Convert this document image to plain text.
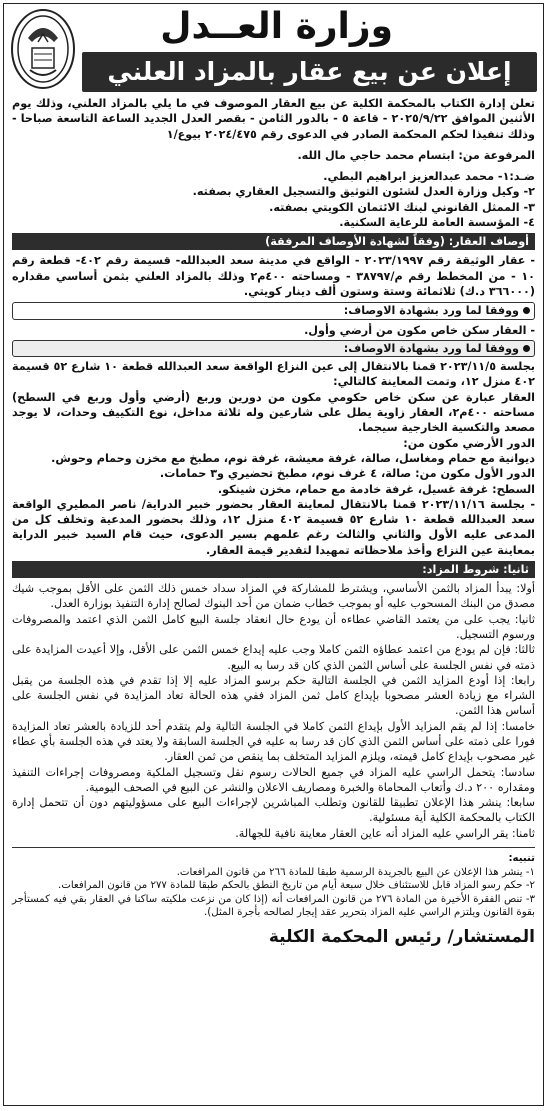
وزارة العــدل
إعلان عن بيع عقار بالمزاد العلني

تعلن إدارة الكتاب بالمحكمة الكلية عن بيع العقار الموصوف في ما يلي بالمزاد العلني، وذلك يوم الأثنين الموافق ٢٠٢٥/٩/٢٢ - قاعة ٥ - بالدور الثامن - بقصر العدل الجديد الساعة التاسعة صباحا - وذلك تنفيذا لحكم المحكمة الصادر في الدعوى رقم ٢٠٢٤/٤٧٥ بيوع/١

المرفوعة من: ابتسام محمد حاجي مال الله.

ضـد:١- محمد عبدالعزيز ابراهيم البطي.

٢- وكيل وزارة العدل لشئون التوثيق والتسجيل العقاري بصفته.

٣- الممثل القانوني لبنك الائتمان الكويتي بصفته.

٤- المؤسسة العامة للرعاية السكنية.

أوصاف العقار: (وفقاً لشهادة الأوصاف المرفقة)

- عقار الوثيقة رقم ٢٠٢٣/١٩٩٧ - الواقع في مدينة سعد العبدالله- قسيمة رقم ٤٠٢- قطعة رقم ١٠ - من المخطط رقم م/٣٨٧٩٧ - ومساحته ٤٠٠م٢ وذلك بالمزاد العلني بثمن أساسي مقداره (٣٦٦٠٠٠ د.ك) ثلاثمائة وستة وستون ألف دينار كويتي.

ووفقا لما ورد بشهادة الاوصاف:

- العقار سكن خاص مكون من أرضي وأول.

ووفقا لما ورد بشهادة الاوصاف:

بجلسة ٢٠٢٣/١١/٥ قمنا بالانتقال إلى عين النزاع الواقعة سعد العبدالله قطعة ١٠ شارع ٥٢ قسيمة ٤٠٢ منزل ١٢، وتمت المعاينة كالتالي:

العقار عبارة عن سكن خاص حكومي مكون من دورين وربع (أرضي وأول وربع في السطح) مساحته ٤٠٠م٢، العقار زاوية يطل على شارعين وله ثلاثة مداخل، نوع التكييف وحدات، لا يوجد مصعد والتكسية الخارجية سيجما.

الدور الأرضي مكون من:

ديوانية مع حمام ومغاسل، صالة، غرفة معيشة، غرفة نوم، مطبخ مع مخزن وحمام وحوش.

الدور الأول مكون من: صالة، ٤ غرف نوم، مطبخ تحضيري و٣ حمامات.

السطح: غرفة غسيل، غرفة خادمة مع حمام، مخزن شينكو.

- بجلسة ٢٠٢٣/١١/١٦ قمنا بالانتقال لمعاينة العقار بحضور خبير الدراية/ ناصر المطيري الواقعة سعد العبدالله قطعة ١٠ شارع ٥٢ قسيمة ٤٠٢ منزل ١٢، وذلك بحضور المدعية وتخلف كل من المدعى عليه الأول والثاني والثالث رغم علمهم بسير الدعوى، حيث قام السيد خبير الدراية بمعاينة عين النزاع وأخذ ملاحظاته تمهيدا لتقدير قيمة العقار.

ثانيا: شروط المزاد:

أولا: يبدأ المزاد بالثمن الأساسي، ويشترط للمشاركة في المزاد سداد خمس ذلك الثمن على الأقل بموجب شيك مصدق من البنك المسحوب عليه أو بموجب خطاب ضمان من أحد البنوك لصالح إدارة التنفيذ بوزارة العدل.

ثانيا: يجب على من يعتمد القاضي عطاءه أن يودع حال انعقاد جلسة البيع كامل الثمن الذي اعتمد والمصروفات ورسوم التسجيل.

ثالثا: فإن لم يودع من اعتمد عطاؤه الثمن كاملا وجب عليه إيداع خمس الثمن على الأقل، وإلا أعيدت المزايدة على ذمته في نفس الجلسة على أساس الثمن الذي كان قد رسا به البيع.

رابعا: إذا أودع المزايد الثمن في الجلسة التالية حكم برسو المزاد عليه إلا إذا تقدم في هذه الجلسة من يقبل الشراء مع زيادة العشر مصحوبا بإيداع كامل ثمن المزاد ففي هذه الحالة تعاد المزايدة في نفس الجلسة على أساس هذا الثمن.

خامسا: إذا لم يقم المزايد الأول بإيداع الثمن كاملا في الجلسة التالية ولم يتقدم أحد للزيادة بالعشر تعاد المزايدة فورا على ذمته على أساس الثمن الذي كان قد رسا به عليه في الجلسة السابقة ولا يعتد في هذه الجلسة بأي عطاء غير مصحوب بإيداع كامل قيمته، ويلزم المزايد المتخلف بما ينقص من ثمن العقار.

سادسا: يتحمل الراسي عليه المزاد في جميع الحالات رسوم نقل وتسجيل الملكية ومصروفات إجراءات التنفيذ ومقداره ٢٠٠ د.ك وأتعاب المحاماة والخبرة ومصاريف الاعلان والنشر عن البيع في الصحف اليومية.

سابعا: ينشر هذا الإعلان تطبيقا للقانون وتطلب المباشرين لإجراءات البيع على مسؤوليتهم دون أن تتحمل إدارة الكتاب بالمحكمة الكلية أية مسئولية.

ثامنا: يقر الراسي عليه المزاد أنه عاين العقار معاينة نافية للجهالة.

تنبيه:

١- ينشر هذا الإعلان عن البيع بالجريدة الرسمية طبقا للمادة ٢٦٦ من قانون المرافعات.

٢- حكم رسو المزاد قابل للاستئناف خلال سبعة أيام من تاريخ النطق بالحكم طبقا للمادة ٢٧٧ من قانون المرافعات.

٣- تنص الفقرة الأخيرة من المادة ٢٧٦ من قانون المرافعات أنه (إذا كان من نزعت ملكيته ساكنا في العقار بقي فيه كمستأجر بقوة القانون ويلتزم الراسي عليه المزاد بتحرير عقد إيجار لصالحه بأجرة المثل).

المستشار/ رئيس المحكمة الكلية
